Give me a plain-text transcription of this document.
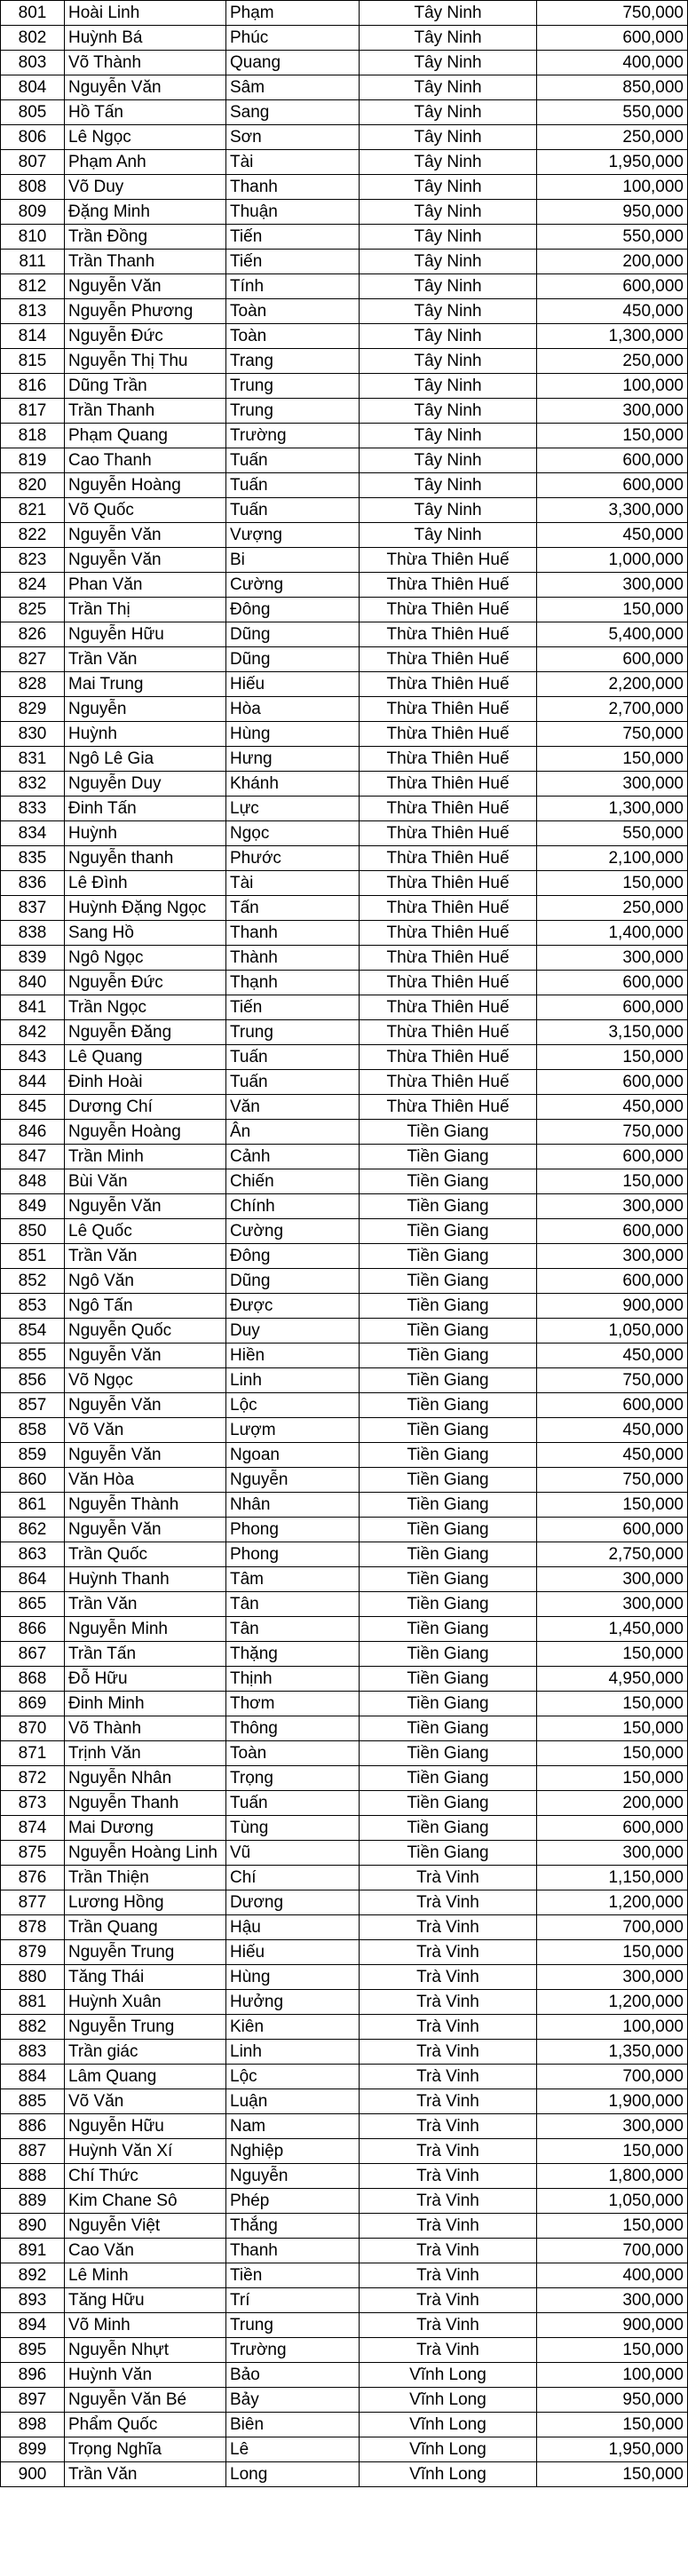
801	Hoài Linh	Phạm	Tây Ninh	750,000
802	Huỳnh Bá	Phúc	Tây Ninh	600,000
803	Võ Thành	Quang	Tây Ninh	400,000
804	Nguyễn Văn	Sâm	Tây Ninh	850,000
805	Hồ Tấn	Sang	Tây Ninh	550,000
806	Lê Ngọc	Sơn	Tây Ninh	250,000
807	Phạm Anh	Tài	Tây Ninh	1,950,000
808	Võ Duy	Thanh	Tây Ninh	100,000
809	Đặng Minh	Thuận	Tây Ninh	950,000
810	Trần Đồng	Tiến	Tây Ninh	550,000
811	Trần Thanh	Tiến	Tây Ninh	200,000
812	Nguyễn Văn	Tính	Tây Ninh	600,000
813	Nguyễn Phương	Toàn	Tây Ninh	450,000
814	Nguyễn Đức	Toàn	Tây Ninh	1,300,000
815	Nguyễn Thị Thu	Trang	Tây Ninh	250,000
816	Dũng Trần	Trung	Tây Ninh	100,000
817	Trần Thanh	Trung	Tây Ninh	300,000
818	Phạm Quang	Trường	Tây Ninh	150,000
819	Cao Thanh	Tuấn	Tây Ninh	600,000
820	Nguyễn Hoàng	Tuấn	Tây Ninh	600,000
821	Võ Quốc	Tuấn	Tây Ninh	3,300,000
822	Nguyễn Văn	Vượng	Tây Ninh	450,000
823	Nguyễn Văn	Bi	Thừa Thiên Huế	1,000,000
824	Phan Văn	Cường	Thừa Thiên Huế	300,000
825	Trần Thị	Đông	Thừa Thiên Huế	150,000
826	Nguyễn Hữu	Dũng	Thừa Thiên Huế	5,400,000
827	Trần Văn	Dũng	Thừa Thiên Huế	600,000
828	Mai Trung	Hiếu	Thừa Thiên Huế	2,200,000
829	Nguyễn	Hòa	Thừa Thiên Huế	2,700,000
830	Huỳnh	Hùng	Thừa Thiên Huế	750,000
831	Ngô Lê Gia	Hưng	Thừa Thiên Huế	150,000
832	Nguyễn Duy	Khánh	Thừa Thiên Huế	300,000
833	Đinh Tấn	Lực	Thừa Thiên Huế	1,300,000
834	Huỳnh	Ngọc	Thừa Thiên Huế	550,000
835	Nguyễn thanh	Phước	Thừa Thiên Huế	2,100,000
836	Lê Đình	Tài	Thừa Thiên Huế	150,000
837	Huỳnh Đặng Ngọc	Tấn	Thừa Thiên Huế	250,000
838	Sang Hồ	Thanh	Thừa Thiên Huế	1,400,000
839	Ngô Ngọc	Thành	Thừa Thiên Huế	300,000
840	Nguyễn Đức	Thạnh	Thừa Thiên Huế	600,000
841	Trần Ngọc	Tiến	Thừa Thiên Huế	600,000
842	Nguyễn Đăng	Trung	Thừa Thiên Huế	3,150,000
843	Lê Quang	Tuấn	Thừa Thiên Huế	150,000
844	Đinh Hoài	Tuấn	Thừa Thiên Huế	600,000
845	Dương Chí	Văn	Thừa Thiên Huế	450,000
846	Nguyễn Hoàng	Ân	Tiền Giang	750,000
847	Trần Minh	Cảnh	Tiền Giang	600,000
848	Bùi Văn	Chiến	Tiền Giang	150,000
849	Nguyễn Văn	Chính	Tiền Giang	300,000
850	Lê Quốc	Cường	Tiền Giang	600,000
851	Trần Văn	Đông	Tiền Giang	300,000
852	Ngô Văn	Dũng	Tiền Giang	600,000
853	Ngô Tấn	Được	Tiền Giang	900,000
854	Nguyễn Quốc	Duy	Tiền Giang	1,050,000
855	Nguyễn Văn	Hiền	Tiền Giang	450,000
856	Võ Ngọc	Linh	Tiền Giang	750,000
857	Nguyễn Văn	Lộc	Tiền Giang	600,000
858	Võ Văn	Lượm	Tiền Giang	450,000
859	Nguyễn Văn	Ngoan	Tiền Giang	450,000
860	Văn Hòa	Nguyễn	Tiền Giang	750,000
861	Nguyễn Thành	Nhân	Tiền Giang	150,000
862	Nguyễn Văn	Phong	Tiền Giang	600,000
863	Trần Quốc	Phong	Tiền Giang	2,750,000
864	Huỳnh Thanh	Tâm	Tiền Giang	300,000
865	Trần Văn	Tân	Tiền Giang	300,000
866	Nguyễn Minh	Tân	Tiền Giang	1,450,000
867	Trần Tấn	Thặng	Tiền Giang	150,000
868	Đỗ Hữu	Thịnh	Tiền Giang	4,950,000
869	Đinh Minh	Thơm	Tiền Giang	150,000
870	Võ Thành	Thông	Tiền Giang	150,000
871	Trịnh Văn	Toàn	Tiền Giang	150,000
872	Nguyễn Nhân	Trọng	Tiền Giang	150,000
873	Nguyễn Thanh	Tuấn	Tiền Giang	200,000
874	Mai Dương	Tùng	Tiền Giang	600,000
875	Nguyễn Hoàng Linh	Vũ	Tiền Giang	300,000
876	Trần Thiện	Chí	Trà Vinh	1,150,000
877	Lương Hồng	Dương	Trà Vinh	1,200,000
878	Trần Quang	Hậu	Trà Vinh	700,000
879	Nguyễn Trung	Hiếu	Trà Vinh	150,000
880	Tăng Thái	Hùng	Trà Vinh	300,000
881	Huỳnh Xuân	Hưởng	Trà Vinh	1,200,000
882	Nguyễn Trung	Kiên	Trà Vinh	100,000
883	Trần giác	Linh	Trà Vinh	1,350,000
884	Lâm Quang	Lộc	Trà Vinh	700,000
885	Võ Văn	Luận	Trà Vinh	1,900,000
886	Nguyễn Hữu	Nam	Trà Vinh	300,000
887	Huỳnh Văn Xí	Nghiệp	Trà Vinh	150,000
888	Chí Thức	Nguyễn	Trà Vinh	1,800,000
889	Kim Chane Sô	Phép	Trà Vinh	1,050,000
890	Nguyễn Việt	Thắng	Trà Vinh	150,000
891	Cao Văn	Thanh	Trà Vinh	700,000
892	Lê Minh	Tiền	Trà Vinh	400,000
893	Tăng Hữu	Trí	Trà Vinh	300,000
894	Võ Minh	Trung	Trà Vinh	900,000
895	Nguyễn Nhựt	Trường	Trà Vinh	150,000
896	Huỳnh Văn	Bảo	Vĩnh Long	100,000
897	Nguyễn Văn Bé	Bảy	Vĩnh Long	950,000
898	Phẩm Quốc	Biên	Vĩnh Long	150,000
899	Trọng Nghĩa	Lê	Vĩnh Long	1,950,000
900	Trần Văn	Long	Vĩnh Long	150,000
